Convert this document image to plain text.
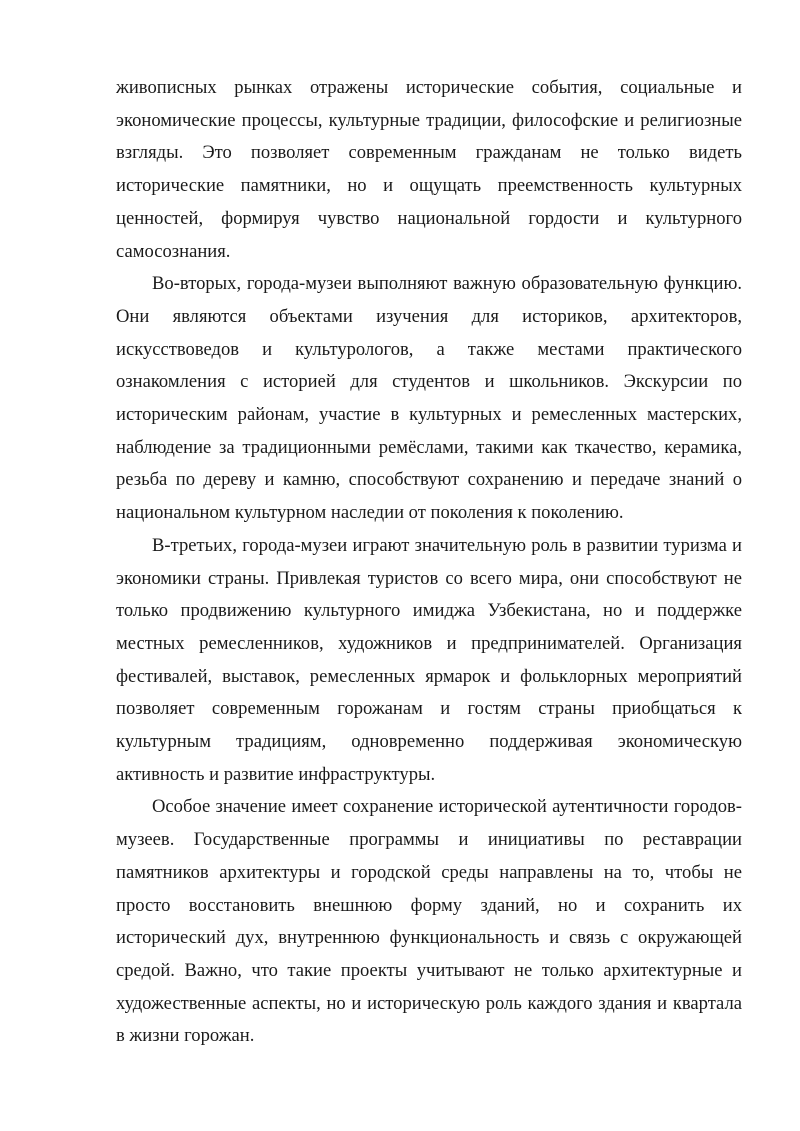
живописных рынках отражены исторические события, социальные и экономические процессы, культурные традиции, философские и религиозные взгляды. Это позволяет современным гражданам не только видеть исторические памятники, но и ощущать преемственность культурных ценностей, формируя чувство национальной гордости и культурного самосознания.

Во-вторых, города-музеи выполняют важную образовательную функцию. Они являются объектами изучения для историков, архитекторов, искусствоведов и культурологов, а также местами практического ознакомления с историей для студентов и школьников. Экскурсии по историческим районам, участие в культурных и ремесленных мастерских, наблюдение за традиционными ремёслами, такими как ткачество, керамика, резьба по дереву и камню, способствуют сохранению и передаче знаний о национальном культурном наследии от поколения к поколению.

В-третьих, города-музеи играют значительную роль в развитии туризма и экономики страны. Привлекая туристов со всего мира, они способствуют не только продвижению культурного имиджа Узбекистана, но и поддержке местных ремесленников, художников и предпринимателей. Организация фестивалей, выставок, ремесленных ярмарок и фольклорных мероприятий позволяет современным горожанам и гостям страны приобщаться к культурным традициям, одновременно поддерживая экономическую активность и развитие инфраструктуры.

Особое значение имеет сохранение исторической аутентичности городов-музеев. Государственные программы и инициативы по реставрации памятников архитектуры и городской среды направлены на то, чтобы не просто восстановить внешнюю форму зданий, но и сохранить их исторический дух, внутреннюю функциональность и связь с окружающей средой. Важно, что такие проекты учитывают не только архитектурные и художественные аспекты, но и историческую роль каждого здания и квартала в жизни горожан.
